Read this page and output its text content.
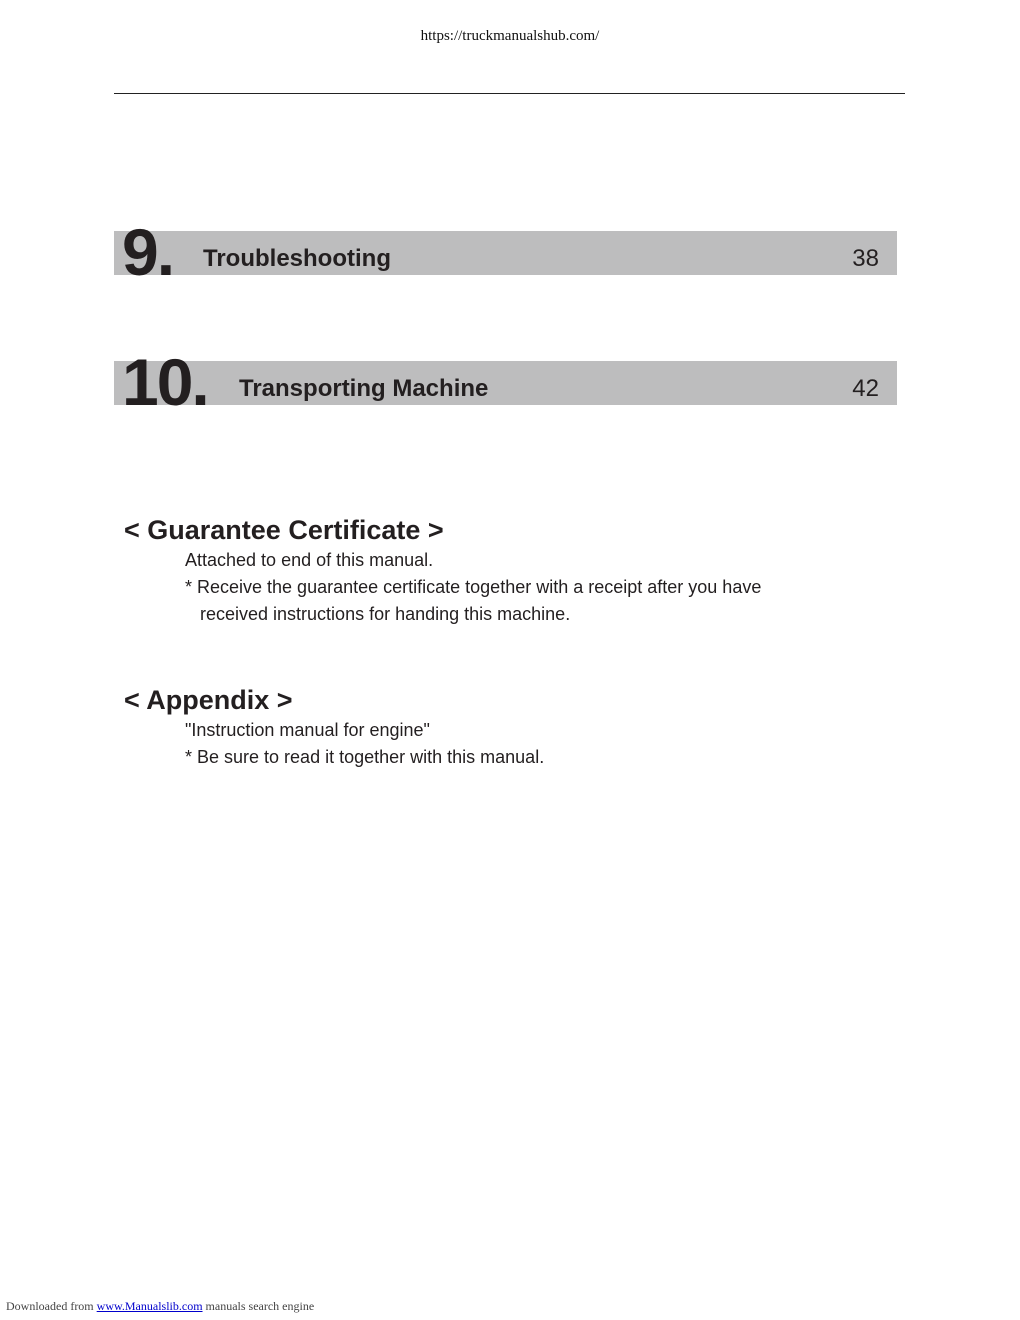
https://truckmanualshub.com/
9. Troubleshooting	38
10. Transporting Machine	42
< Guarantee Certificate >
Attached to end of this manual.
* Receive the guarantee certificate together with a receipt after you have
received instructions for handing this machine.
< Appendix >
"Instruction manual for engine"
* Be sure to read it together with this manual.
Downloaded from www.Manualslib.com manuals search engine
